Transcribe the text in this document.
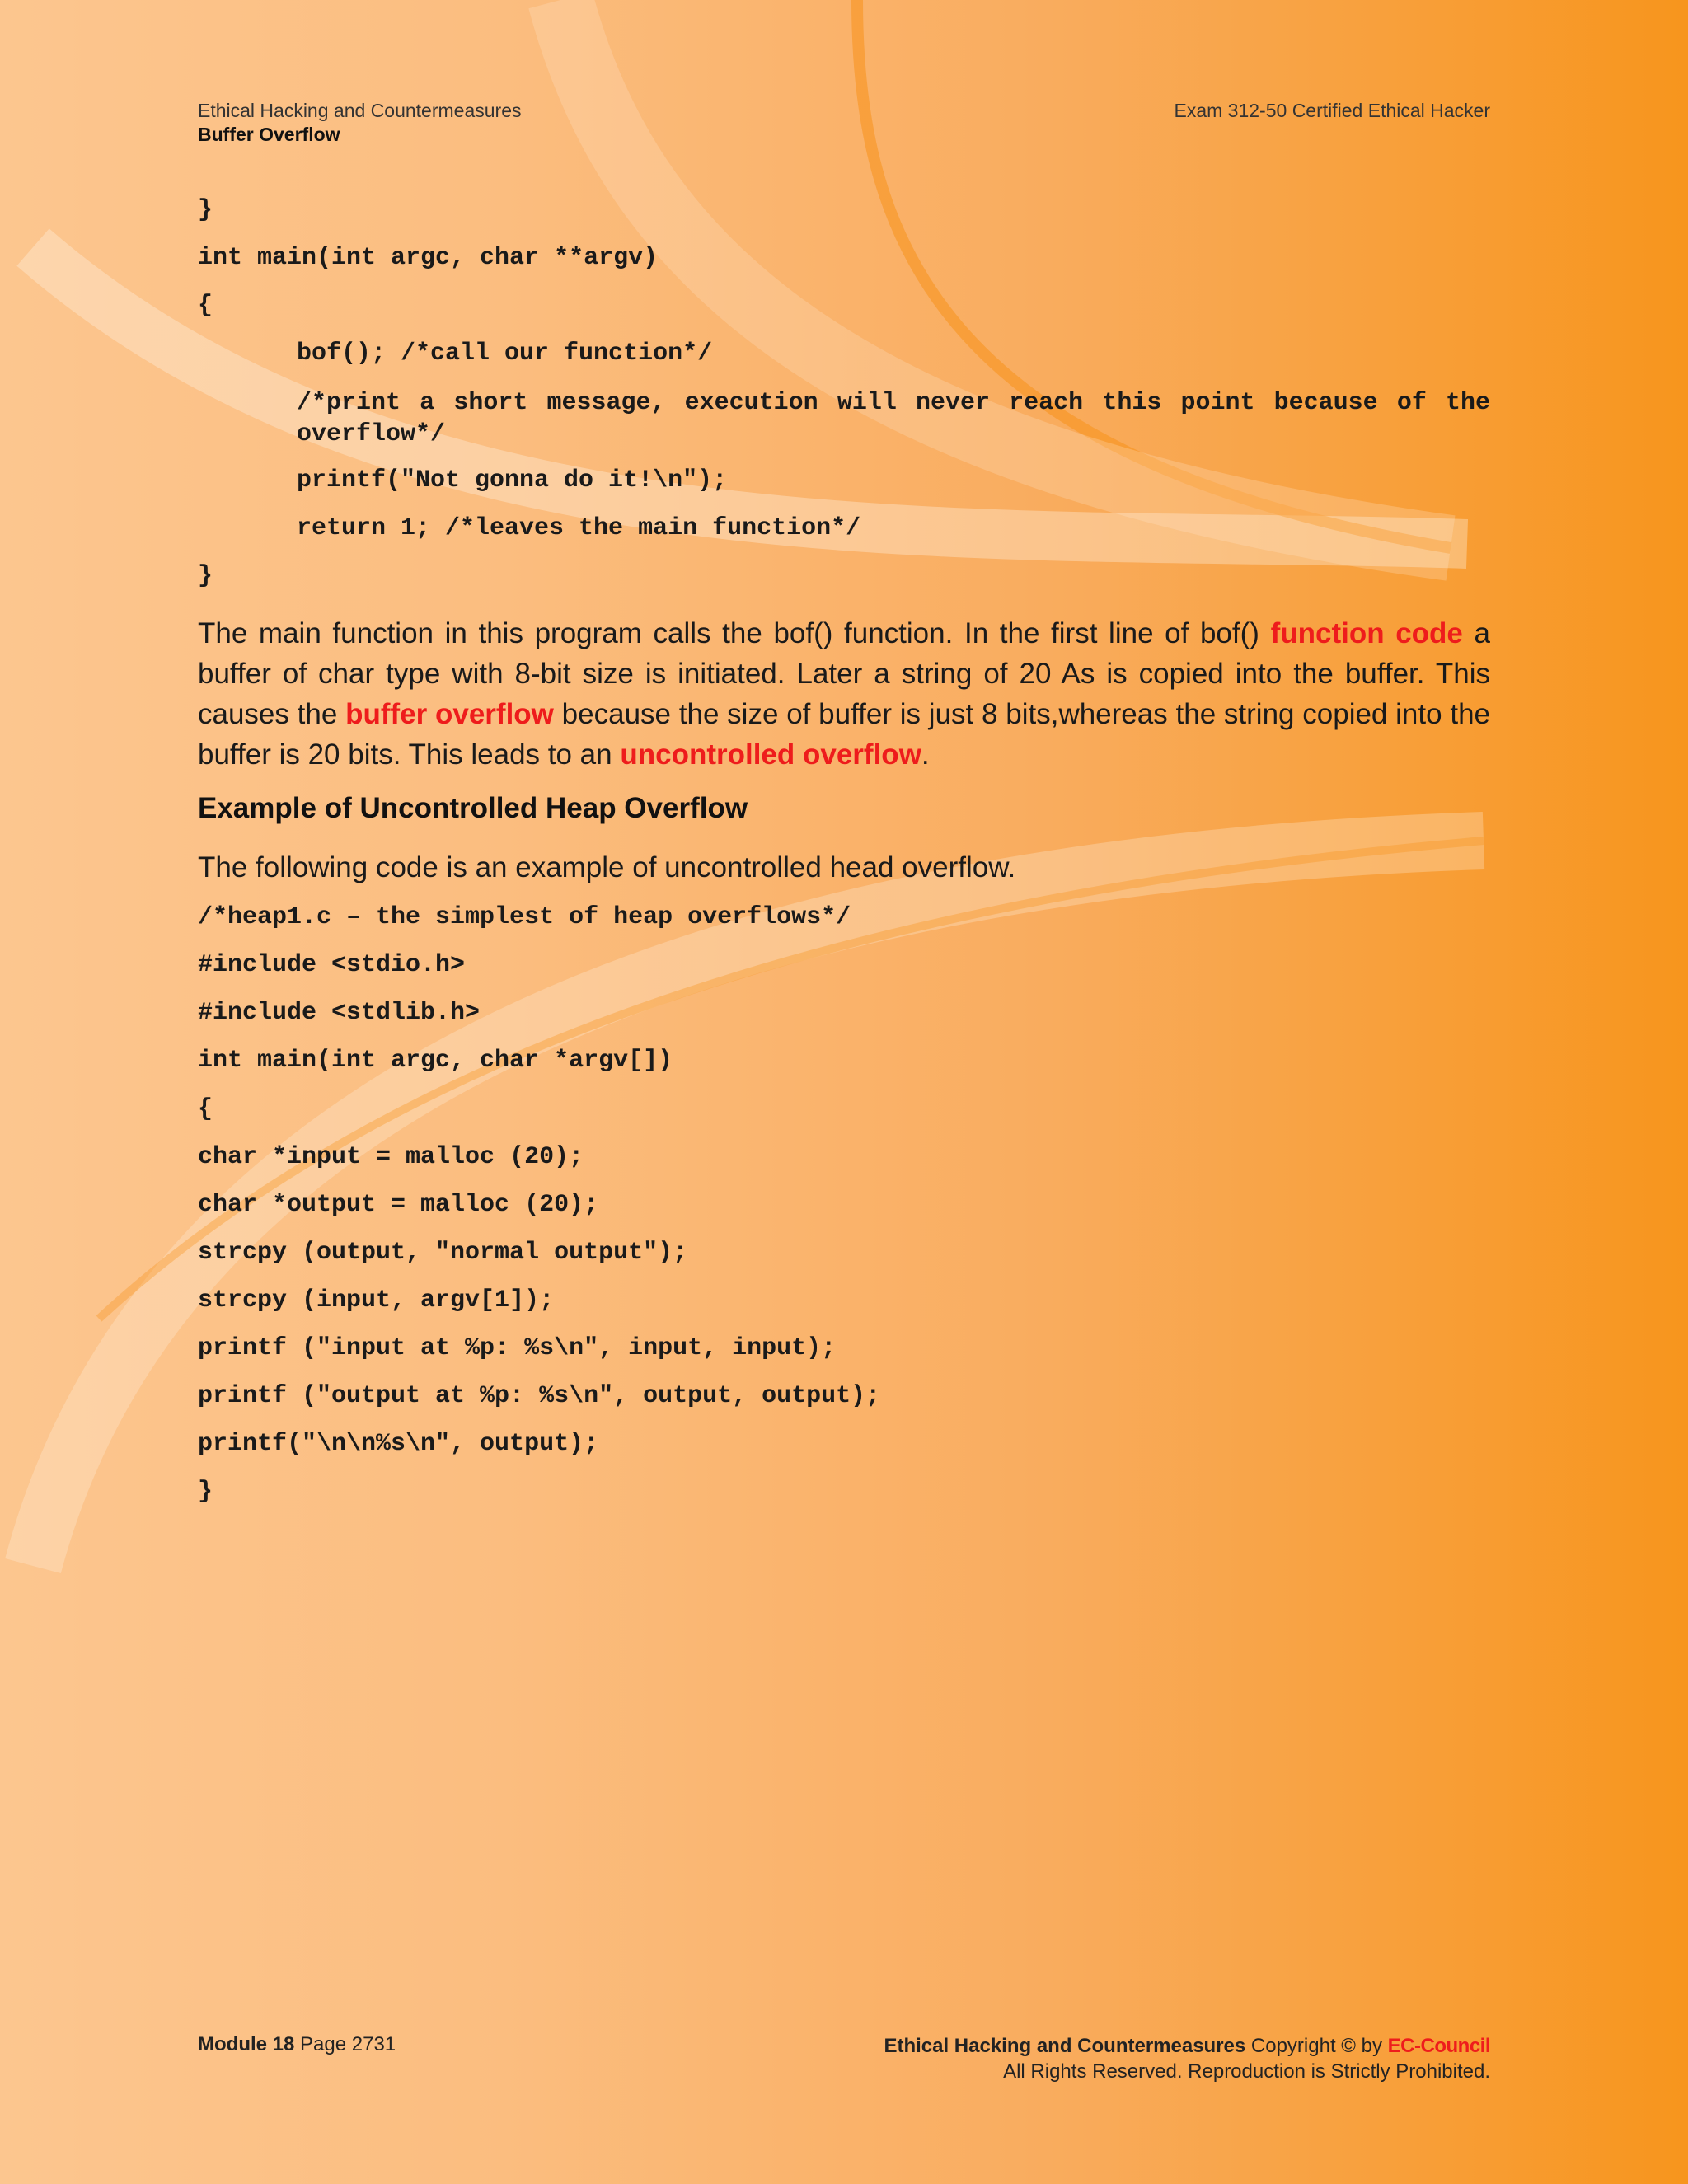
Ethical Hacking and Countermeasures
Buffer Overflow
Exam 312-50 Certified Ethical Hacker
}
int main(int argc, char **argv)
{
bof(); /*call our function*/
/*print a short message, execution will never reach this point because of the overflow*/
printf("Not gonna do it!\n");
return 1; /*leaves the main function*/
}
The main function in this program calls the bof() function. In the first line of bof() function code a buffer of char type with 8-bit size is initiated. Later a string of 20 As is copied into the buffer. This causes the buffer overflow because the size of buffer is just 8 bits,whereas the string copied into the buffer is 20 bits. This leads to an uncontrolled overflow.
Example of Uncontrolled Heap Overflow
The following code is an example of uncontrolled head overflow.
/*heap1.c – the simplest of heap overflows*/
#include <stdio.h>
#include <stdlib.h>
int main(int argc, char *argv[])
{
char *input = malloc (20);
char *output = malloc (20);
strcpy (output, "normal output");
strcpy (input, argv[1]);
printf ("input at %p: %s\n", input, input);
printf ("output at %p: %s\n", output, output);
printf("\n\n%s\n", output);
}
Module 18 Page 2731	Ethical Hacking and Countermeasures Copyright © by EC-Council
All Rights Reserved. Reproduction is Strictly Prohibited.
